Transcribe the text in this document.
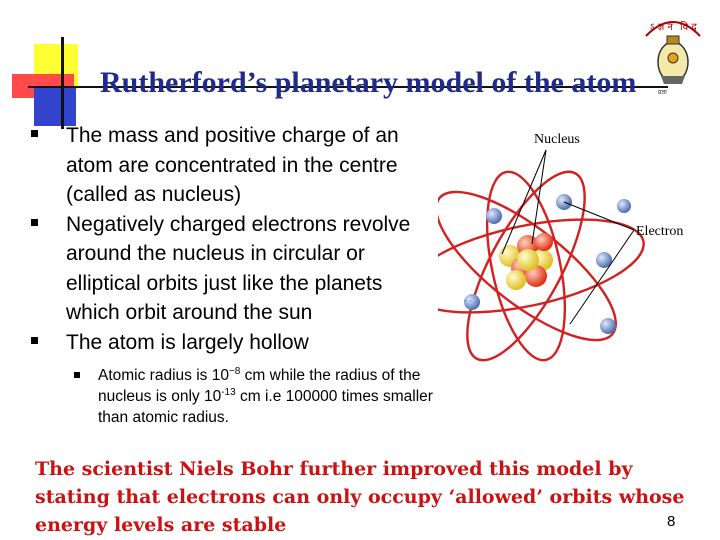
Rutherford’s planetary model of the atom
ऽ ज्ञ न वि द्
प्रज्ञा
The mass and positive charge of an atom are concentrated in the centre (called as nucleus)
Negatively charged electrons revolve around the nucleus in circular or elliptical orbits just like the planets which orbit around the sun
The atom is largely hollow
Atomic radius is $10^{-8}$ cm while the radius of the nucleus is only $10^{-13}$ cm i.e 100000 times smaller than atomic radius.
∙ ∙
Nucleus
Electron
The scientist Niels Bohr further improved this model by stating that electrons can only occupy ‘allowed’ orbits whose energy levels are stable	8
